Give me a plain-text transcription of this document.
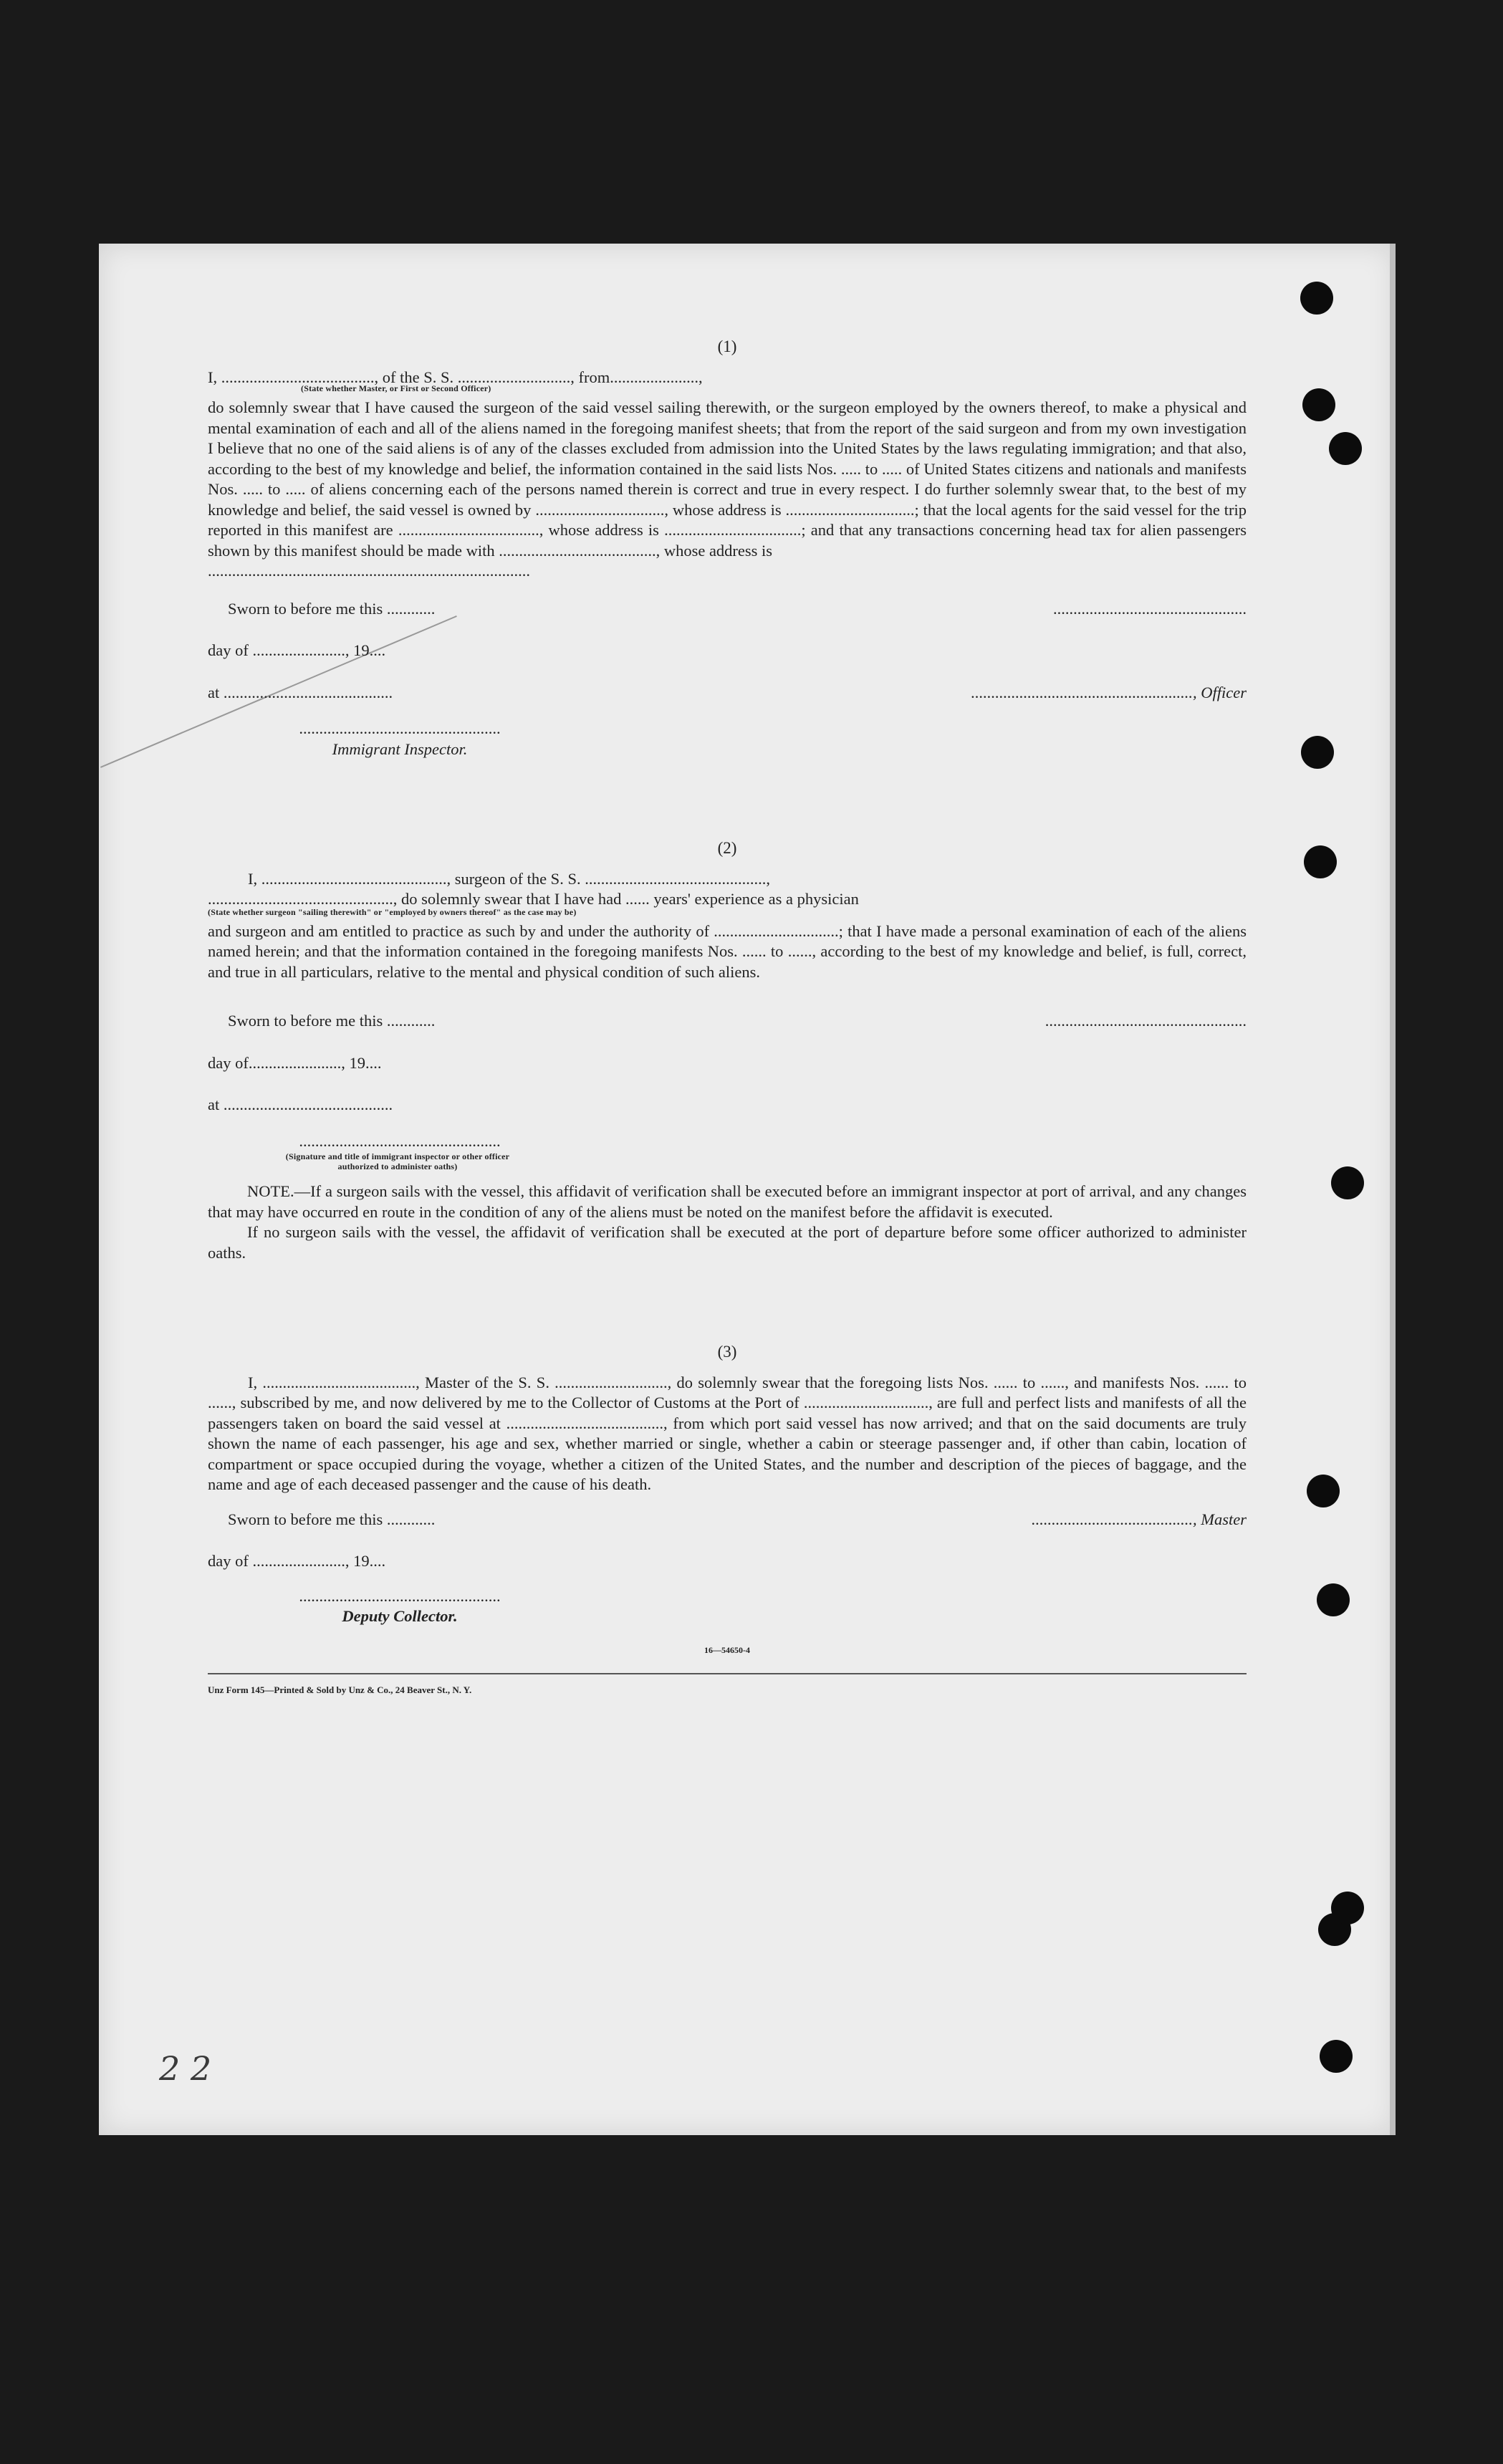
(1)
I, ......................................, of the S. S. ............................, from......................,
(State whether Master, or First or Second Officer)

do solemnly swear that I have caused the surgeon of the said vessel sailing therewith, or the surgeon employed by the owners thereof, to make a physical and mental examination of each and all of the aliens named in the foregoing manifest sheets; that from the report of the said surgeon and from my own investigation I believe that no one of the said aliens is of any of the classes excluded from admission into the United States by the laws regulating immigration; and that also, according to the best of my knowledge and belief, the information contained in the said lists Nos. ..... to ..... of United States citizens and nationals and manifests Nos. ..... to ..... of aliens concerning each of the persons named therein is correct and true in every respect. I do further solemnly swear that, to the best of my knowledge and belief, the said vessel is owned by ................................, whose address is ................................; that the local agents for the said vessel for the trip reported in this manifest are ..................................., whose address is ..................................; and that any transactions concerning head tax for alien passengers shown by this manifest should be made with ......................................., whose address is

................................................................................
Sworn to before me this ............	................................................
day of ......................., 19....
at ..........................................	......................................................., Officer
..................................................
Immigrant Inspector.
(2)
I, .............................................., surgeon of the S. S. .............................................,
.............................................., do solemnly swear that I have had ...... years' experience as a physician
(State whether surgeon "sailing therewith" or "employed by owners thereof" as the case may be)

and surgeon and am entitled to practice as such by and under the authority of ...............................; that I have made a personal examination of each of the aliens named herein; and that the information contained in the foregoing manifests Nos. ...... to ......, according to the best of my knowledge and belief, is full, correct, and true in all particulars, relative to the mental and physical condition of such aliens.

Sworn to before me this ............	..................................................
day of......................., 19....
at ..........................................
..................................................
(Signature and title of immigrant inspector or other officer authorized to administer oaths)

NOTE.—If a surgeon sails with the vessel, this affidavit of verification shall be executed before an immigrant inspector at port of arrival, and any changes that may have occurred en route in the condition of any of the aliens must be noted on the manifest before the affidavit is executed.

If no surgeon sails with the vessel, the affidavit of verification shall be executed at the port of departure before some officer authorized to administer oaths.

(3)

I, ......................................, Master of the S. S. ............................, do solemnly swear that the foregoing lists Nos. ...... to ......, and manifests Nos. ...... to ......, subscribed by me, and now delivered by me to the Collector of Customs at the Port of ..............................., are full and perfect lists and manifests of all the passengers taken on board the said vessel at ......................................., from which port said vessel has now arrived; and that on the said documents are truly shown the name of each passenger, his age and sex, whether married or single, whether a cabin or steerage passenger and, if other than cabin, location of compartment or space occupied during the voyage, whether a citizen of the United States, and the number and description of the pieces of baggage, and the name and age of each deceased passenger and the cause of his death.

Sworn to before me this ............	........................................, Master
day of ......................., 19....
..................................................
Deputy Collector.
16—54650-4
Unz Form 145—Printed & Sold by Unz & Co., 24 Beaver St., N. Y.
2 2
